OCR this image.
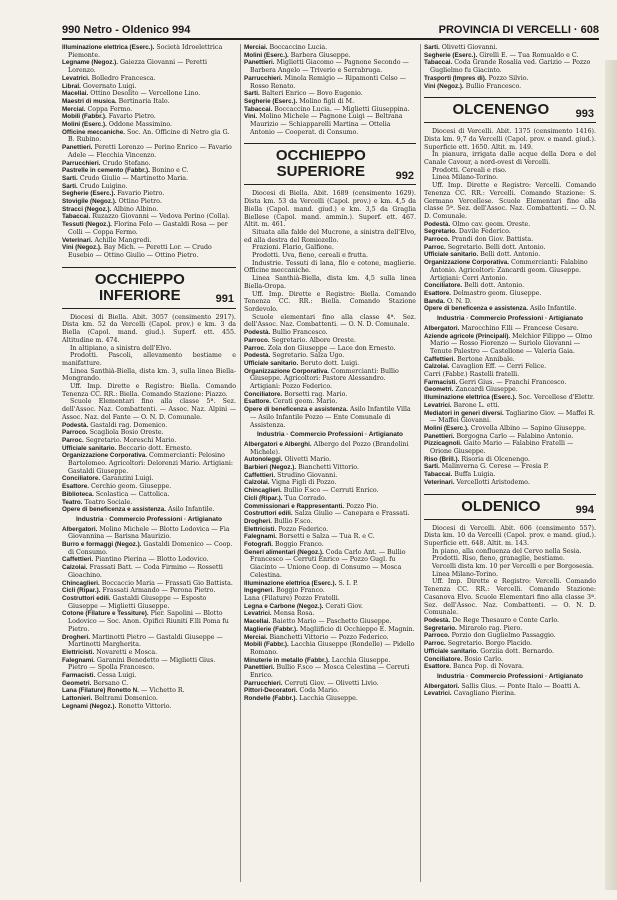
990 Netro - Oldenico 994	PROVINCIA DI VERCELLI · 608
Illuminazione elettrica (Eserc.). Società Idroelettrica Piemonte.
Legname (Negoz.). Gaiezza Giovanni — Peretti Lorenzo.
Levatrici. Bolledro Francesca.
Libral. Governato Luigi.
Macellai. Ottino Desolito — Vercellone Lino.
Maestri di musica. Bertinaria Italo.
Mercial. Coppa Fermo.
Mobili (Fabbr.). Favario Pietro.
Molini (Eserc.). Oddone Massimino.
Officine meccaniche. Soc. An. Officine di Netro gia G. B. Rubino.
Panettieri. Peretti Lorenzo — Perino Enrico — Favario Adele — Flecchia Vincenzo.
Parrucchieri. Crudo Stefano.
Pastrelle in cemento (Fabbr.). Bonino e C.
Sarti. Crudo Giulio — Martinetto Maria.
Sarti. Crudo Luigino.
Segherie (Eserc.). Favario Pietro.
Stovigile (Negoz.). Ottino Pietro.
Stracci (Negoz.). Albino Albino.
Tabaccai. Ruzazzo Giovanni — Vedova Perino (Colla).
Tessuti (Negoz.). Florina Felo — Gastaldi Rosa — per Colli — Coppa Fermo.
Veterinari. Achille Mangredi.
Vini (Negoz.). Bay Mich. — Peretti Lor. — Crudo Eusebio — Ottino Giulio — Ottino Pietro.
OCCHIEPPO INFERIORE	991
Diocesi di Biella. Abit. 3057 (censimento 2917). Dista km. 52 da Vercelli (Capol. prov.) e km. 3 da Biella (Capol. mand. giud.). Superf. ett. 455. Altitudine m. 474.
In altipiano, a sinistra dell'Elvo.
Prodotti. Pascoli, allevamento bestiame e manifatture.
Linea Santhià-Biella, dista km. 3, sulla linea Biella-Mongrando.
Uff. Imp. Dirette e Registro: Biella. Comando Tenenza CC. RR.: Biella. Comando Stazione: Piazzo.
Scuole Elementari fino alla classe 5ª. Sez. dell'Assoc. Naz. Combattenti. — Assoc. Naz. Alpini — Assoc. Naz. del Fante — O. N. D. Comunale.
Podestà. Gastaldi rag. Domenico.
Parroco. Scagliola Bosio Oreste.
Parroc. Segretario. Moreschi Mario.
Ufficiale sanitario. Beccario dott. Ernesto.
Organizzazione Corporativa. Commercianti: Pelosino Bartolomeo. Agricoltori: Delorenzi Mario. Artigiani: Gastaldi Giuseppe.
Conciliatore. Garanzini Luigi.
Esattore. Cerchio geom. Giuseppe.
Biblioteca. Scolastica — Cattolica.
Teatro. Teatro Sociale.
Opere di beneficenza e assistenza. Asilo Infantile.
Industria · Commercio Professioni · Artigianato
Albergatori. Molino Michele — Blotto Lodovica — Fia Giovannina — Barisna Maurizio.
Burro e formaggi (Negoz.). Gastaldi Domenico — Coop. di Consumo.
Caffettieri. Piantino Pierina — Blotto Lodovico.
Calzolai. Frassati Batt. — Coda Firmino — Rossetti Gioachino.
Chincaglieri. Boccaccio Maria — Frassati Gio Battista.
Cicli (Ripar.). Frassati Armando — Perona Pietro.
Costruttori edili. Gastaldi Giuseppe — Esposto Giuseppe — Miglietti Giuseppe.
Cotone (Filature e Tessiture). Pier. Sapolini — Blotto Lodovico — Soc. Anon. Opifici Riuniti F.lli Poma fu Pietro.
Drogheri. Martinotti Pietro — Gastaldi Giuseppe — Martinotti Margherita.
Elettricisti. Novaretti e Mosca.
Falegnami. Garanini Benedetto — Miglietti Gius. Pietro — Spolla Francesco.
Farmacisti. Cessa Luigi.
Geometri. Bersano C.
Lana (Filature) Ronetto N. — Vichetto R.
Lattonieri. Beltrami Domenico.
Legnami (Negoz.). Ronetto Vittorio.
Merciai. Boccaccino Lucia.
Molini (Eserc.). Barbera Giuseppe.
Panettieri. Miglietti Giacomo — Pagnone Secondo — Barbera Angelo — Triverio e Serrabruga.
Parrucchieri. Minola Remigio — Ripamonti Celso — Rosso Renato.
Sarti. Balteri Enrico — Bovo Eugenio.
Segherie (Eserc.). Molino figli di M.
Tabaccai. Boccaccino Lucia. — Miglietti Giuseppina.
Vini. Molino Michele — Pagnone Luigi — Beltrana Maurizio — Schiapparelli Martina — Ottelia Antonio — Cooperat. di Consumo.
OCCHIEPPO SUPERIORE	992
Diocesi di Biella. Abit. 1689 (censimento 1629). Dista km. 53 da Vercelli (Capol. prov.) e km. 4,5 da Biella (Capol. mand. giud.) e km. 3,5 da Graglia Biellese (Capol. mand. ammin.). Superf. ett. 467. Altit. m. 461.
Situata alla falde del Mucrone, a sinistra dell'Elvo, ed alla destra del Romiozello.
Frazioni. Flario, Galfione.
Prodotti. Uva, fieno, cereali e frutta.
Industrie. Tessuti di lana, filo e cotone, maglierie. Officine meccaniche.
Linea Santhià-Biella, dista km. 4,5 sulla linea Biella-Oropa.
Uff. Imp. Dirette e Registro: Biella. Comando Tenenza CC. RR.: Biella. Comando Stazione Sordevolo.
Scuole elementari fino alla classe 4ª. Sez. dell'Assoc. Naz. Combattenti. — O. N. D. Comunale.
Podestà. Bullio Francesco.
Parroco. Segretario. Albore Oreste.
Parroc. Zola don Giuseppe — Lace don Ernesto.
Podestà. Segretario. Salza Ugo.
Ufficiale sanitario. Beruto dott. Luigi.
Organizzazione Corporativa. Commercianti: Bullio Giuseppe. Agricoltori: Pastore Alessandro. Artigiani: Pozzo Federico.
Conciliatore. Borsetti rag. Mario.
Esattore. Cerati geom. Mario.
Opere di beneficenza e assistenza. Asilo Infantile Villa — Asilo Infantile Pozzo — Ente Comunale di Assistenza.
Industria · Commercio Professioni · Artigianato
Albergatori e Alberghi. Albergo del Pozzo (Brandolini Michele).
Autonoleggi. Olivetti Mario.
Barbieri (Negoz.). Bianchetti Vittorio.
Caffettieri. Strudino Giovanni.
Calzolai. Vigna Figli di Pozzo.
Chincaglieri. Bullio F.sco — Cerruti Enrico.
Cicli (Ripar.). Tua Corrado.
Commissionari e Rappresentanti. Pozzo Pio.
Costruttori edili. Salza Giulio — Canepara e Frassati.
Drogheri. Bullio F.sco.
Elettricisti. Pozzo Federico.
Falegnami. Borsetti e Salza — Tua R. e C.
Fotografi. Boggio Franco.
Generi alimentari (Negoz.). Coda Carlo Ant. — Bullio Francesco — Cerruti Enrico — Pozzo Gugl. fu Giacinto — Unione Coop. di Consumo — Mosca Celestina.
Illuminazione elettrica (Eserc.). S. I. P.
Ingegneri. Boggio Franco.
Lana (Filature) Pozzo Fratelli.
Legna e Carbone (Negoz.). Cerati Giov.
Levatrici. Mensa Rosa.
Macellai. Baietto Mario — Paschetto Giuseppe.
Maglierie (Fabbr.). Magliificio di Occhieppo E. Magnin.
Merciai. Bianchetti Vittorio — Pozzo Federico.
Mobili (Fabbr.). Lacchia Giuseppe (Rondelle) — Pidello Romano.
Minuterie in metallo (Fabbr.). Lacchia Giuseppe.
Panettieri. Bullio F.sco — Mosca Celestina — Cerruti Enrico.
Parrucchieri. Cerruti Giov. — Olivetti Livio.
Pittori-Decoratori. Coda Mario.
Rondelle (Fabbr.). Lacchia Giuseppe.
Sarti. Olivetti Giovanni.
Segherie (Eserc.). Girelli E. — Tua Romualdo e C.
Tabaccai. Coda Grande Rosalia ved. Garizio — Pozzo Guglielmo fu Giacinto.
Trasporti (Impres di). Pozzo Silvio.
Vini (Negoz.). Bullio Francesco.
OLCENENGO	993
Diocesi di Vercelli. Abit. 1375 (censimento 1416). Dista km. 9,7 da Vercelli (Capol. prov. e mand. giud.). Superficie ett. 1650. Altit. m. 149.
In pianura, irrigata dalle acque della Dora e del Canale Cavour, a nord-ovest di Vercelli.
Prodotti. Cereali e riso.
Linea Milano-Torino.
Uff. Imp. Dirette e Registro: Vercelli. Comando Tenenza CC. RR.: Vercelli. Comando Stazione: S. Germano Vercellese. Scuole Elementari fino alla classe 5ª. Sez. dell'Assoc. Naz. Combattenti. — O. N. D. Comunale.
Podestà. Olmo cav. geom. Oreste.
Segretario. Davile Federico.
Parroco. Prandi don Giov. Battista.
Parroc. Segretario. Belli dott. Antonio.
Ufficiale sanitario. Belli dott. Antonio.
Organizzazione Corporativa. Commercianti: Falabino Antonio. Agricoltori: Zancardi geom. Giuseppe. Artigiani: Cerri Antonio.
Conciliatore. Belli dott. Antonio.
Esattore. Delmastro geom. Giuseppe.
Banda. O. N. D.
Opere di beneficenza e assistenza. Asilo Infantile.
Industria · Commercio Professioni · Artigianato
Albergatori. Marocchino F.lli — Francese Cesare.
Aziende agricole (Principali). Melchior Filippo — Olmo Mario — Rosso Fiorenzo — Suriolo Giovanni — Tenute Palestro — Castellone — Valeria Gaia.
Caffettieri. Bertone Annibale.
Calzolai. Cavaglion Eff. — Cerri Felice.
Carri (Fabbr.) Rastelli fratelli.
Farmacisti. Gerri Gius. — Franchi Francesco.
Geometri. Zancardi Giuseppe.
Illuminazione elettrica (Eserc.). Soc. Vercellese d'Elettr.
Levatrici. Barone L. etti.
Mediatori in generi diversi. Tagliarino Giov. — Maffei R. — Maffei Giovanni.
Molini (Eserc.). Crovella Albino — Sapino Giuseppe.
Panettieri. Borgogna Carlo — Falabino Antonio.
Pizzicagnoli. Gaito Mario — Falabino Fratelli — Orione Giuseppe.
Riso (Brill.). Risoria di Olcenengo.
Sarti. Malinverna G. Cerese — Fresia P.
Tabaccai. Buffa Luigia.
Veterinari. Vercellotti Aristodemo.
OLDENICO	994
Diocesi di Vercelli. Abit. 606 (censimento 557). Dista km. 10 da Vercelli (Capol. prov. e mand. giud.). Superficie ett. 648. Altit. m. 143.
In piano, alla confluenza del Cervo nella Sesia.
Prodotti. Riso, fieno, granaglie, bestiame.
Vercelli dista km. 10 per Vercelli e per Borgosesia.
Linea Milano-Torino.
Uff. Imp. Dirette e Registro: Vercelli. Comando Tenenza CC. RR.: Vercelli. Comando Stazione: Casanova Elvo. Scuole Elementari fino alla classe 3ª. Sez. dell'Assoc. Naz. Combattenti. — O. N. D. Comunale.
Podestà. De Rege Thesauro e Conte Carlo.
Segretario. Mirarolo rag. Piero.
Parroco. Porzio don Guglielmo Passaggio.
Parroc. Segretario. Borgo Placido.
Ufficiale sanitario. Gorziia dott. Bernardo.
Conciliatore. Bosio Carlo.
Esattore. Banca Pop. di Novara.
Industria · Commercio Professioni · Artigianato
Albergatori. Sallis Gius. — Ponte Italo — Boatti A.
Levatrici. Cavagliano Pierina.
